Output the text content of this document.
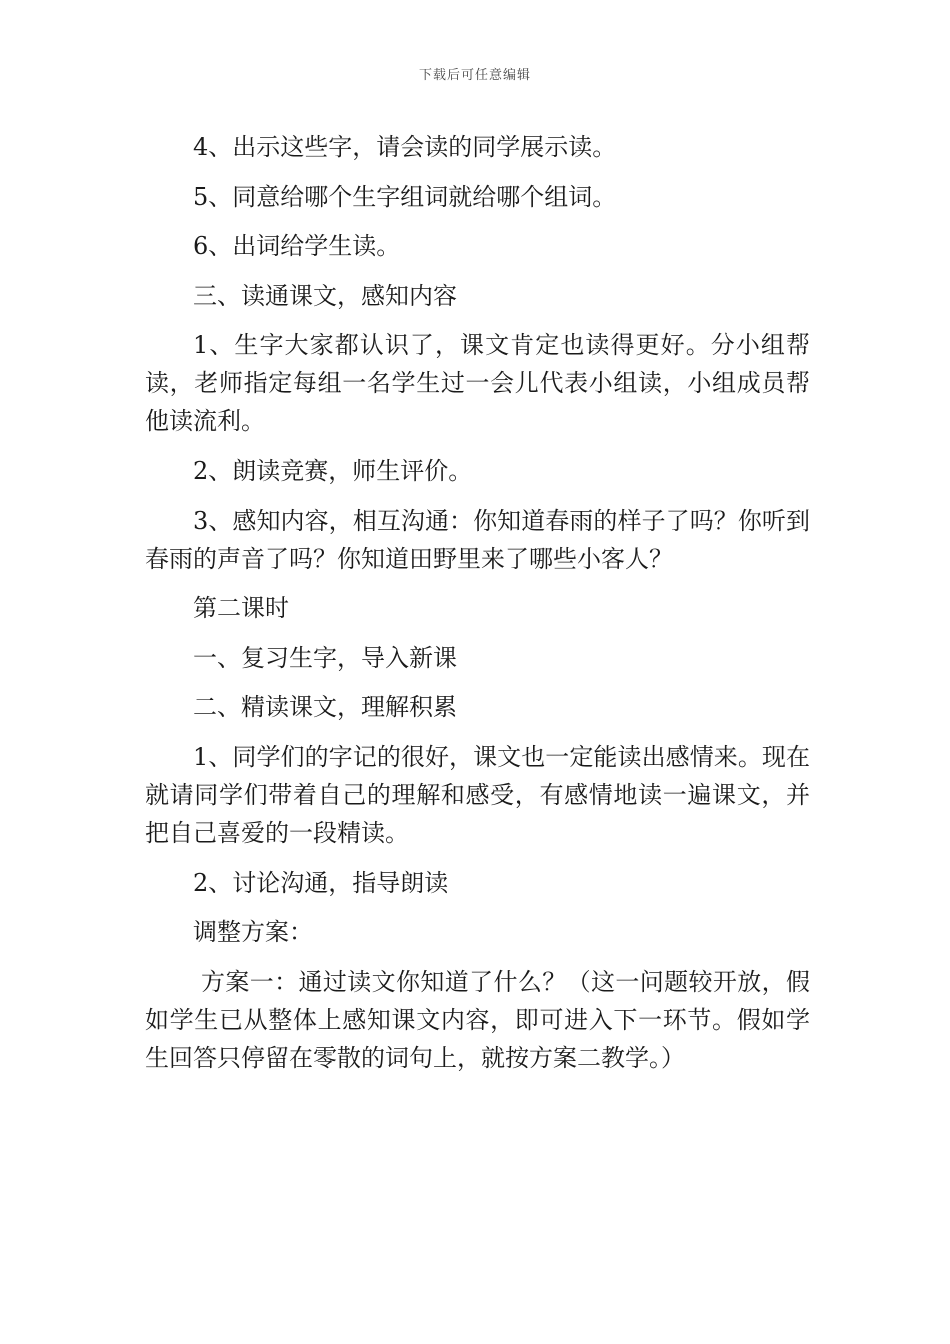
下载后可任意编辑

4、出示这些字，请会读的同学展示读。

5、同意给哪个生字组词就给哪个组词。

6、出词给学生读。

三、读通课文，感知内容

1、生字大家都认识了，课文肯定也读得更好。分小组帮读，老师指定每组一名学生过一会儿代表小组读，小组成员帮他读流利。

2、朗读竞赛，师生评价。

3、感知内容，相互沟通：你知道春雨的样子了吗？你听到春雨的声音了吗？你知道田野里来了哪些小客人？

第二课时

一、复习生字，导入新课

二、精读课文，理解积累

1、同学们的字记的很好，课文也一定能读出感情来。现在就请同学们带着自己的理解和感受，有感情地读一遍课文，并把自己喜爱的一段精读。

2、讨论沟通，指导朗读

调整方案：

方案一：通过读文你知道了什么？（这一问题较开放，假如学生已从整体上感知课文内容，即可进入下一环节。假如学生回答只停留在零散的词句上，就按方案二教学。）
